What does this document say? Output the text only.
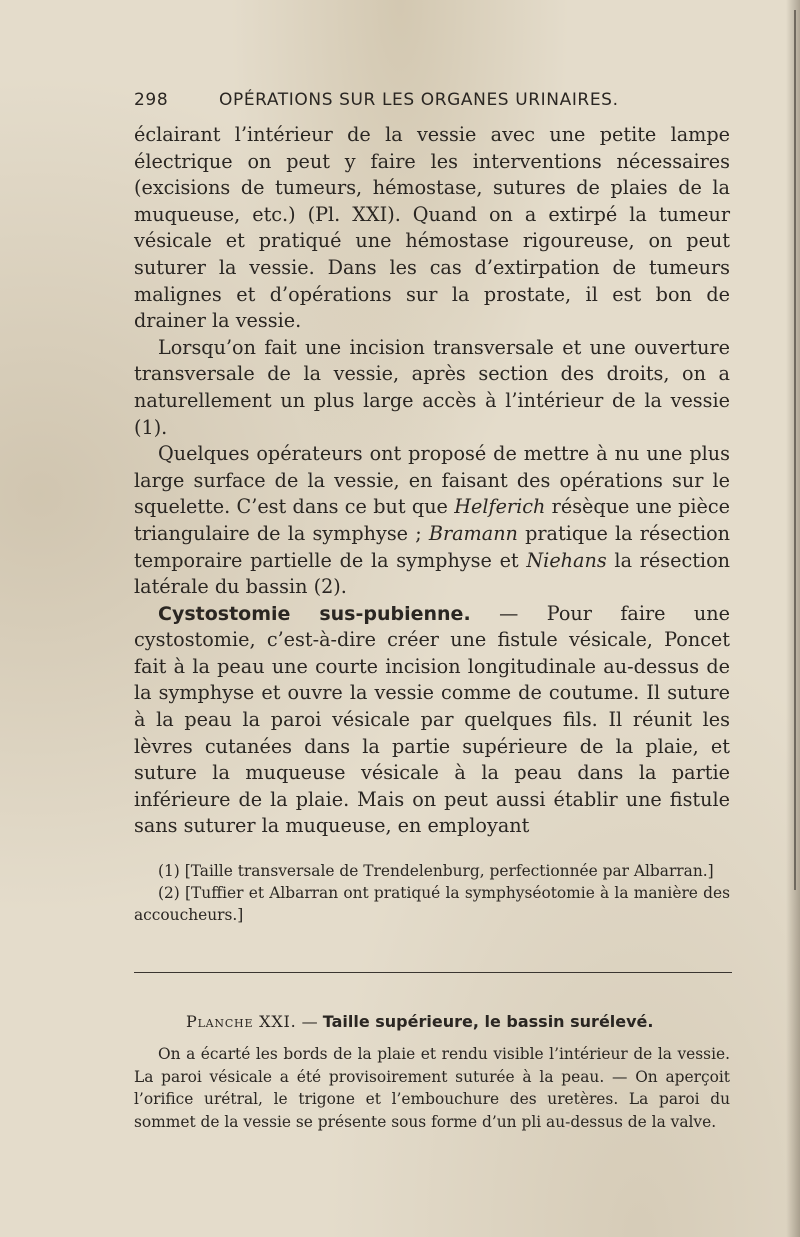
298	OPÉRATIONS SUR LES ORGANES URINAIRES.

éclairant l’intérieur de la vessie avec une petite lampe électrique on peut y faire les interventions nécessaires (excisions de tumeurs, hémostase, sutures de plaies de la muqueuse, etc.) (Pl. XXI). Quand on a extirpé la tumeur vésicale et pratiqué une hémostase rigoureuse, on peut suturer la vessie. Dans les cas d’extirpation de tumeurs malignes et d’opérations sur la prostate, il est bon de drainer la vessie.

Lorsqu’on fait une incision transversale et une ouverture transversale de la vessie, après section des droits, on a naturellement un plus large accès à l’intérieur de la vessie (1).

Quelques opérateurs ont proposé de mettre à nu une plus large surface de la vessie, en faisant des opérations sur le squelette. C’est dans ce but que Helferich résèque une pièce triangulaire de la symphyse ; Bramann pratique la résection temporaire partielle de la symphyse et Niehans la résection latérale du bassin (2).

Cystostomie sus-pubienne. — Pour faire une cystostomie, c’est-à-dire créer une fistule vésicale, Poncet fait à la peau une courte incision longitudinale au-dessus de la symphyse et ouvre la vessie comme de coutume. Il suture à la peau la paroi vésicale par quelques fils. Il réunit les lèvres cutanées dans la partie supérieure de la plaie, et suture la muqueuse vésicale à la peau dans la partie inférieure de la plaie. Mais on peut aussi établir une fistule sans suturer la muqueuse, en employant

(1) [Taille transversale de Trendelenburg, perfectionnée par Albarran.]

(2) [Tuffier et Albarran ont pratiqué la symphyséotomie à la manière des accoucheurs.]

Planche XXI. — Taille supérieure, le bassin surélevé.

On a écarté les bords de la plaie et rendu visible l’intérieur de la vessie. La paroi vésicale a été provisoirement suturée à la peau. — On aperçoit l’orifice urétral, le trigone et l’embouchure des uretères. La paroi du sommet de la vessie se présente sous forme d’un pli au-dessus de la valve.
